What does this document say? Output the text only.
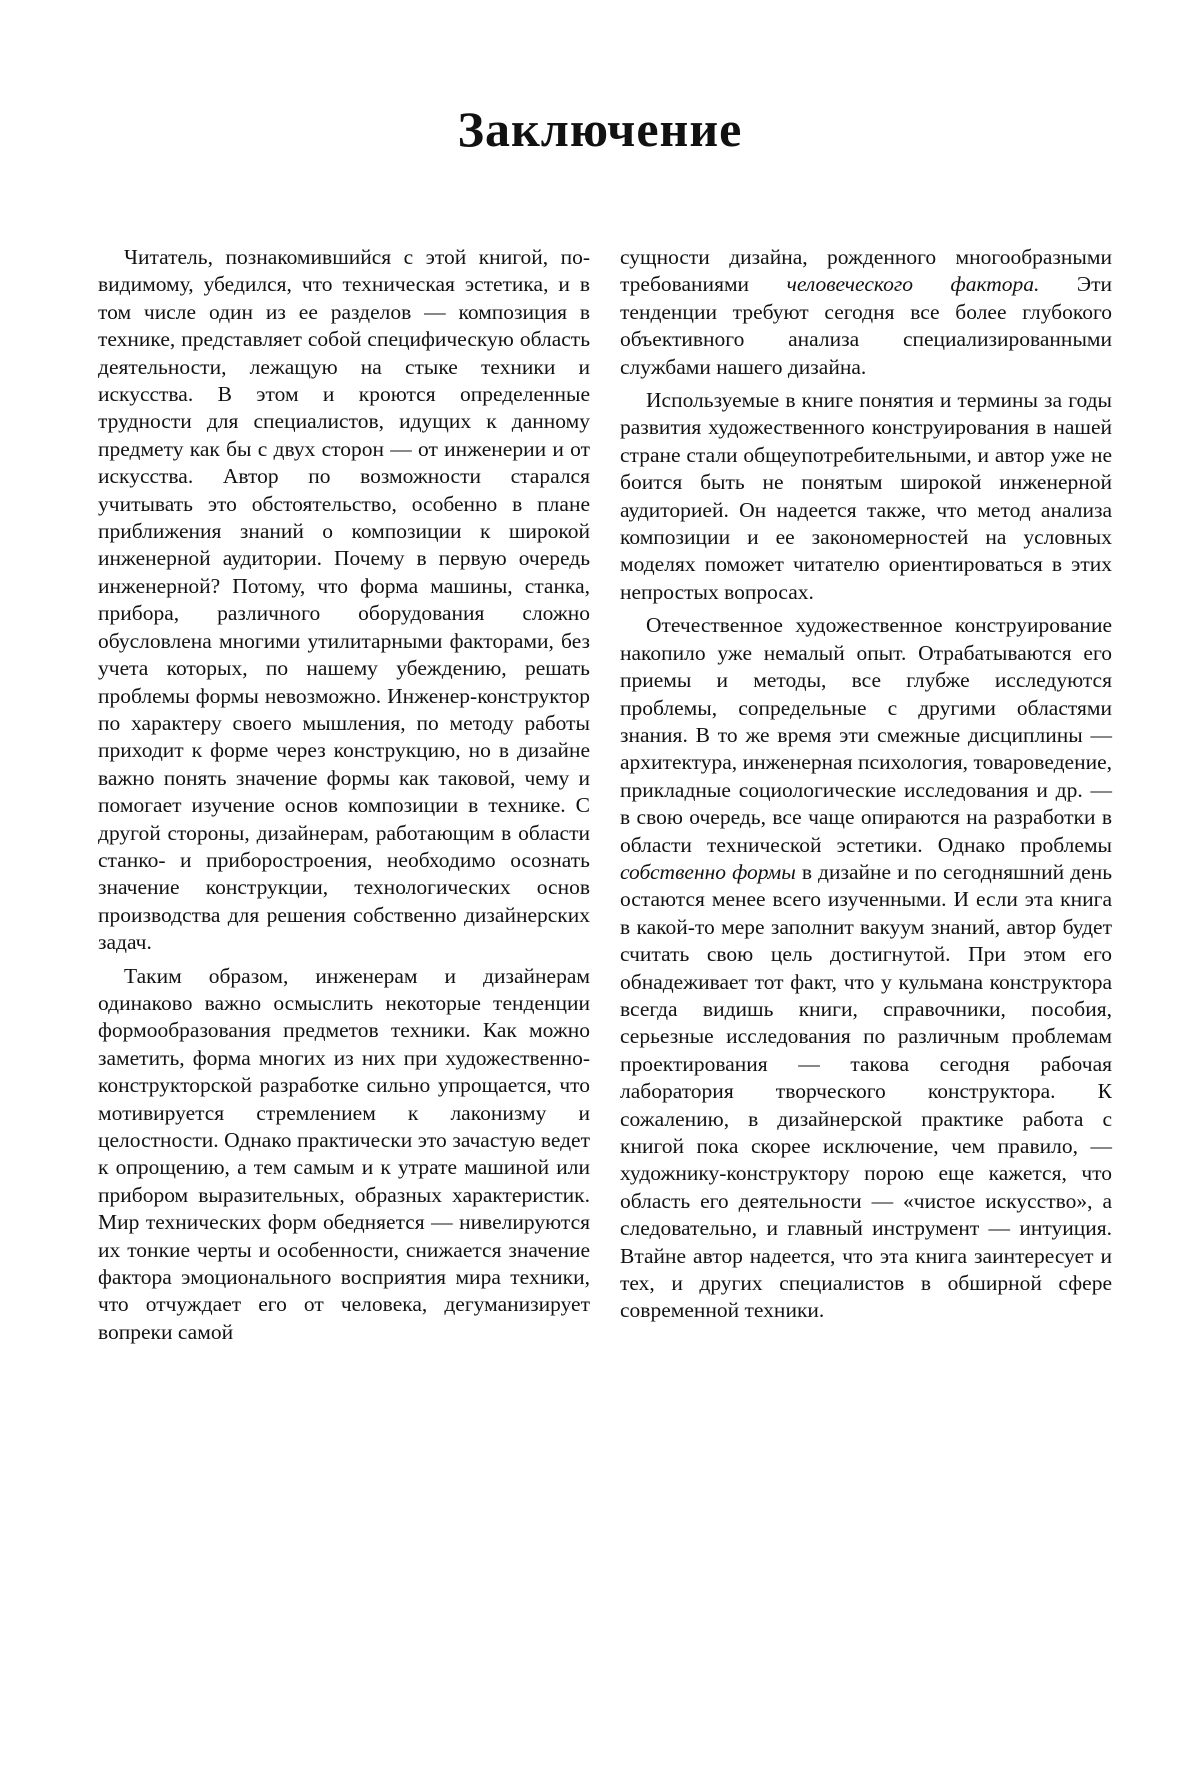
Заключение

Читатель, познакомившийся с этой книгой, по-видимому, убедился, что техническая эстетика, и в том числе один из ее разделов — композиция в технике, представляет собой специфическую область деятельности, лежащую на стыке техники и искусства. В этом и кроются определенные трудности для специалистов, идущих к данному предмету как бы с двух сторон — от инженерии и от искусства. Автор по возможности старался учитывать это обстоятельство, особенно в плане приближения знаний о композиции к широкой инженерной аудитории. Почему в первую очередь инженерной? Потому, что форма машины, станка, прибора, различного оборудования сложно обусловлена многими утилитарными факторами, без учета которых, по нашему убеждению, решать проблемы формы невозможно. Инженер-конструктор по характеру своего мышления, по методу работы приходит к форме через конструкцию, но в дизайне важно понять значение формы как таковой, чему и помогает изучение основ композиции в технике. С другой стороны, дизайнерам, работающим в области станко- и приборостроения, необходимо осознать значение конструкции, технологических основ производства для решения собственно дизайнерских задач.

Таким образом, инженерам и дизайнерам одинаково важно осмыслить некоторые тенденции формообразования предметов техники. Как можно заметить, форма многих из них при художественно-конструкторской разработке сильно упрощается, что мотивируется стремлением к лаконизму и целостности. Однако практически это зачастую ведет к опрощению, а тем самым и к утрате машиной или прибором выразительных, образных характеристик. Мир технических форм обедняется — нивелируются их тонкие черты и особенности, снижается значение фактора эмоционального восприятия мира техники, что отчуждает его от человека, дегуманизирует вопреки самой

сущности дизайна, рожденного многообразными требованиями человеческого фактора. Эти тенденции требуют сегодня все более глубокого объективного анализа специализированными службами нашего дизайна.

Используемые в книге понятия и термины за годы развития художественного конструирования в нашей стране стали общеупотребительными, и автор уже не боится быть не понятым широкой инженерной аудиторией. Он надеется также, что метод анализа композиции и ее закономерностей на условных моделях поможет читателю ориентироваться в этих непростых вопросах.

Отечественное художественное конструирование накопило уже немалый опыт. Отрабатываются его приемы и методы, все глубже исследуются проблемы, сопредельные с другими областями знания. В то же время эти смежные дисциплины — архитектура, инженерная психология, товароведение, прикладные социологические исследования и др. — в свою очередь, все чаще опираются на разработки в области технической эстетики. Однако проблемы собственно формы в дизайне и по сегодняшний день остаются менее всего изученными. И если эта книга в какой-то мере заполнит вакуум знаний, автор будет считать свою цель достигнутой. При этом его обнадеживает тот факт, что у кульмана конструктора всегда видишь книги, справочники, пособия, серьезные исследования по различным проблемам проектирования — такова сегодня рабочая лаборатория творческого конструктора. К сожалению, в дизайнерской практике работа с книгой пока скорее исключение, чем правило, — художнику-конструктору порою еще кажется, что область его деятельности — «чистое искусство», а следовательно, и главный инструмент — интуиция. Втайне автор надеется, что эта книга заинтересует и тех, и других специалистов в обширной сфере современной техники.
